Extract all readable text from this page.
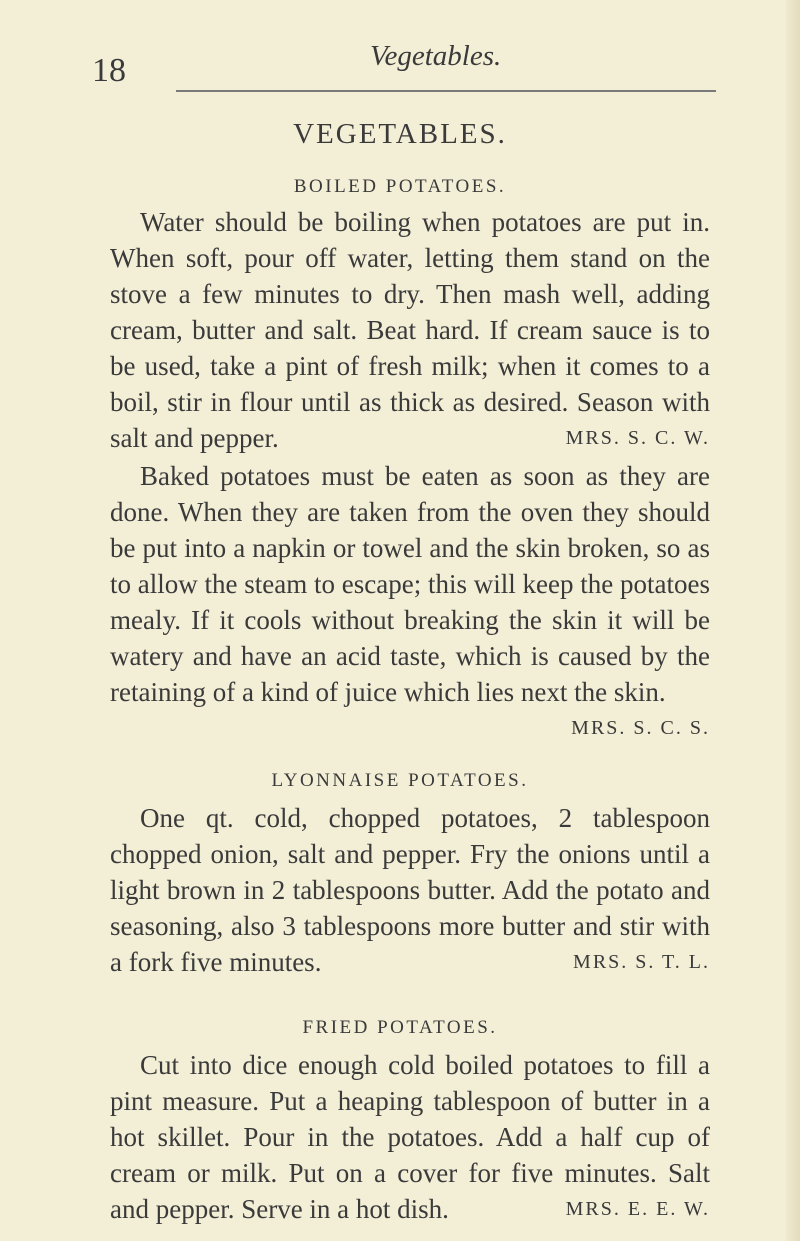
18	Vegetables.
VEGETABLES.
BOILED POTATOES.

Water should be boiling when potatoes are put in. When soft, pour off water, letting them stand on the stove a few minutes to dry. Then mash well, adding cream, butter and salt. Beat hard. If cream sauce is to be used, take a pint of fresh milk; when it comes to a boil, stir in flour until as thick as desired. Season with salt and pepper.	MRS. S. C. W.

Baked potatoes must be eaten as soon as they are done. When they are taken from the oven they should be put into a napkin or towel and the skin broken, so as to allow the steam to escape; this will keep the potatoes mealy. If it cools without breaking the skin it will be watery and have an acid taste, which is caused by the retaining of a kind of juice which lies next the skin.
MRS. S. C. S.

LYONNAISE POTATOES.

One qt. cold, chopped potatoes, 2 tablespoon chopped onion, salt and pepper. Fry the onions until a light brown in 2 tablespoons butter. Add the potato and seasoning, also 3 tablespoons more butter and stir with a fork five minutes.	MRS. S. T. L.

FRIED POTATOES.

Cut into dice enough cold boiled potatoes to fill a pint measure. Put a heaping tablespoon of butter in a hot skillet. Pour in the potatoes. Add a half cup of cream or milk. Put on a cover for five minutes. Salt and pepper. Serve in a hot dish.	MRS. E. E. W.
